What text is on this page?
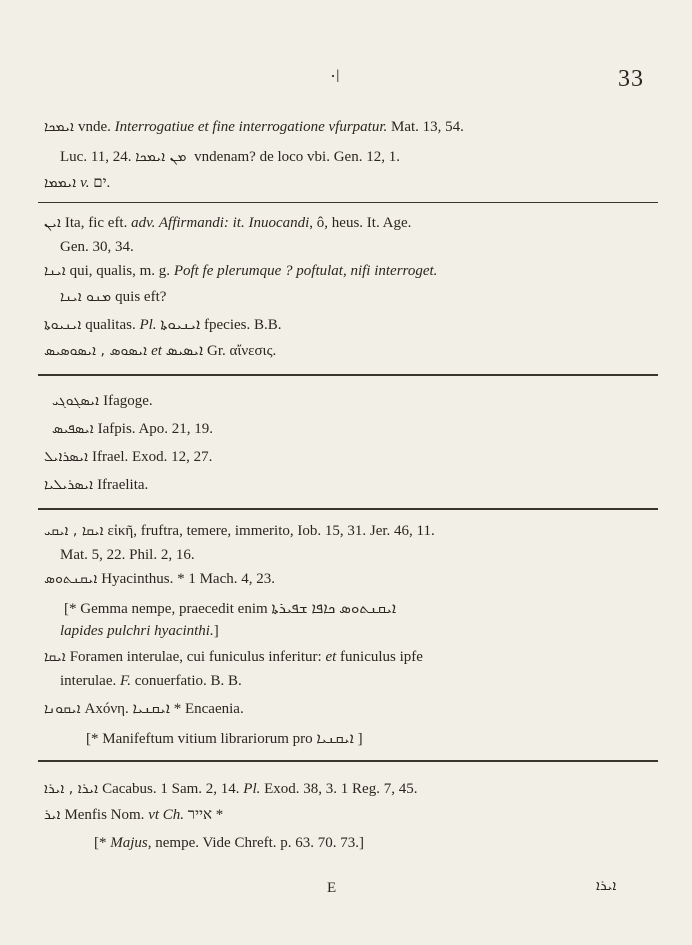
·ǀ	33
ܐܝܡܟܐ vnde. Interrogatiue et fine interrogatione vfurpatur. Mat. 13, 54.
Luc. 11, 24. ܡܢ ܐܝܡܟܐ vndenam? de loco vbi. Gen. 12, 1.
ܐܝܡܡܐ v. ים.
ܐܝܢ Ita, fic eft. adv. Affirmandi: it. Inuocandi, ô, heus. It. Age.
Gen. 30, 34.
ܐܝܢܐ qui, qualis, m. g. Poft fe plerumque ? poftulat, nifi interroget.
ܡܢܘ ܐܝܢܐ quis eft?
ܐܝܢܝܘܬܐ qualitas. Pl. ܐܝܢܝܘܬܐ fpecies. B.B.
ܐܝܣܘܣ , ܐܝܣܘܣܝܣ et ܐܝܣܝܣ Gr. αἴνεσις.
ܐܝܣܓܘܓܝ Ifagoge.
ܐܝܣܦܝܣ Iafpis. Apo. 21, 19.
ܐܝܣܪܐܝܠ Ifrael. Exod. 12, 27.
ܐܝܣܪܝܠܝܐ Ifraelita.
ܐܝܩܐ , ܐܝܩܝ εἰκῆ, fruftra, temere, immerito, Iob. 15, 31. Jer. 46, 11.
Mat. 5, 22. Phil. 2, 16.
ܐܝܩܢܬܘܣ Hyacinthus. * 1 Mach. 4, 23.
[* Gemma nempe, praecedit enim ܐܝܩܢܬܘܣ ܟܐܦܐ ܫܦܝܪܬܐ
lapides pulchri hyacinthi.]
ܐܝܩܐ Foramen interulae, cui funiculus inferitur: et funiculus ipfe
interulae. F. conuerfatio. B. B.
ܐܝܩܘܢܐ Axóνη. ܐܝܩܢܝܐ * Encaenia.
[* Manifeftum vitium librariorum pro ܐܝܩܢܝܐ ]
ܐܝܪܐ , ܐܝܪܐ Cacabus. 1 Sam. 2, 14. Pl. Exod. 38, 3. 1 Reg. 7, 45.
ܐܝܪ Menfis Nom. vt Ch. אייר *
[* Majus, nempe. Vide Chreft. p. 63. 70. 73.]
E	ܐܝܪܐ
